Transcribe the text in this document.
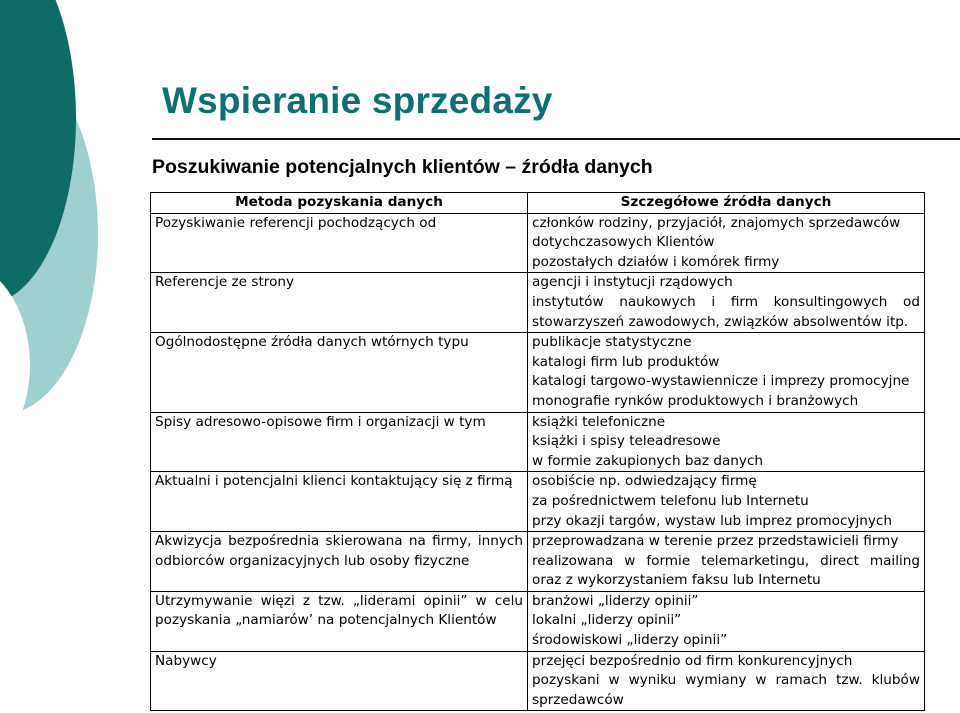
Wspieranie sprzedaży
Poszukiwanie potencjalnych klientów – źródła danych
Metoda pozyskania danych	Szczegółowe źródła danych

Pozyskiwanie referencji pochodzących od	członków rodziny, przyjaciół, znajomych sprzedawców
dotychczasowych Klientów
pozostałych działów i komórek firmy

Referencje ze strony	agencji i instytucji rządowych
instytutów naukowych i firm konsultingowych od
stowarzyszeń zawodowych, związków absolwentów itp.

Ogólnodostępne źródła danych wtórnych typu	publikacje statystyczne
katalogi firm lub produktów
katalogi targowo-wystawiennicze i imprezy promocyjne
monografie rynków produktowych i branżowych

Spisy adresowo-opisowe firm i organizacji w tym	książki telefoniczne
książki i spisy teleadresowe
w formie zakupionych baz danych

Aktualni i potencjalni klienci kontaktujący się z firmą	osobiście np. odwiedzający firmę
za pośrednictwem telefonu lub Internetu
przy okazji targów, wystaw lub imprez promocyjnych

Akwizycja bezpośrednia skierowana na firmy, innych
odbiorców organizacyjnych lub osoby fizyczne	przeprowadzana w terenie przez przedstawicieli firmy
realizowana w formie telemarketingu, direct mailing
oraz z wykorzystaniem faksu lub Internetu

Utrzymywanie więzi z tzw. „liderami opinii” w celu
pozyskania „namiarów’ na potencjalnych Klientów	branżowi „liderzy opinii”
lokalni „liderzy opinii”
środowiskowi „liderzy opinii”

Nabywcy	przejęci bezpośrednio od firm konkurencyjnych
pozyskani w wyniku wymiany w ramach tzw. klubów
sprzedawców
